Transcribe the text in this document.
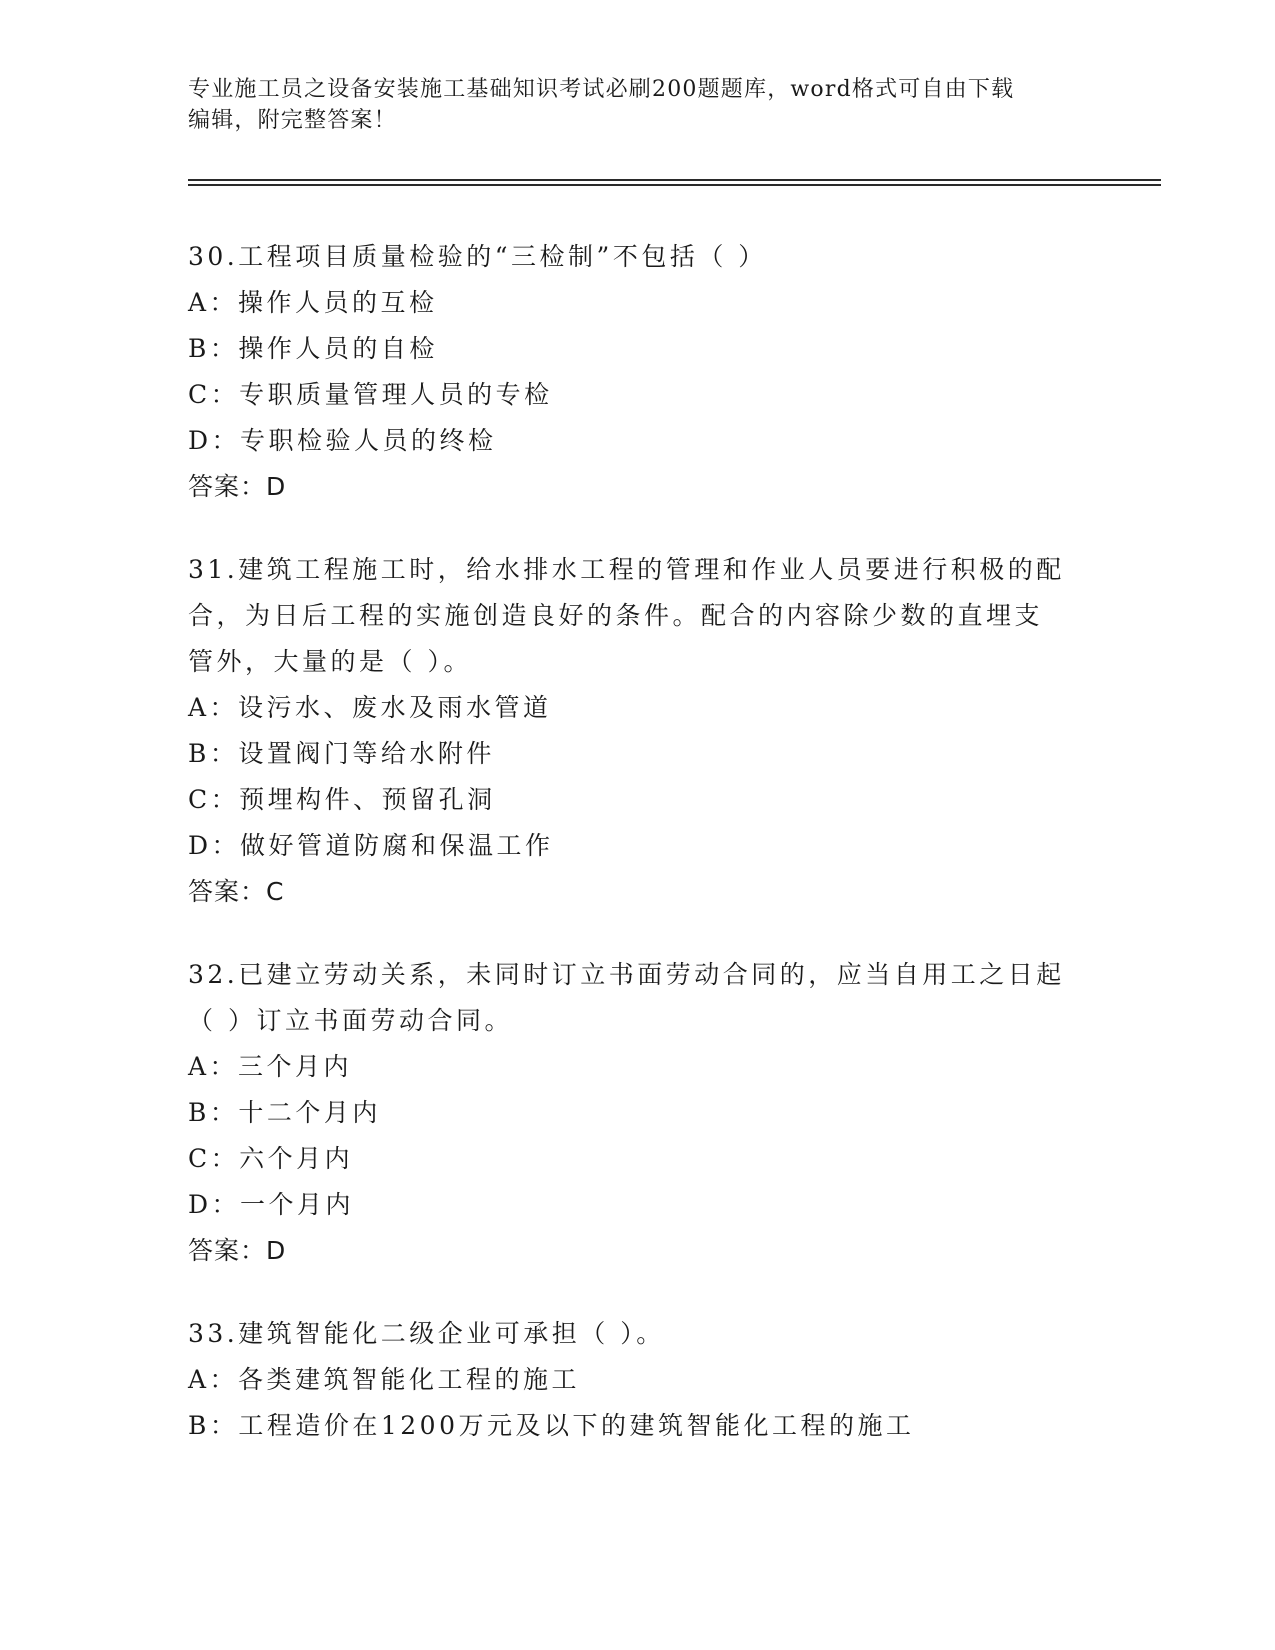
专业施工员之设备安装施工基础知识考试必刷200题题库，word格式可自由下载
编辑，附完整答案！
30.工程项目质量检验的“三检制”不包括（ ）
A：操作人员的互检
B：操作人员的自检
C：专职质量管理人员的专检
D：专职检验人员的终检
答案：D
31.建筑工程施工时，给水排水工程的管理和作业人员要进行积极的配
合，为日后工程的实施创造良好的条件。配合的内容除少数的直埋支
管外，大量的是（ ）。
A：设污水、废水及雨水管道
B：设置阀门等给水附件
C：预埋构件、预留孔洞
D：做好管道防腐和保温工作
答案：C
32.已建立劳动关系，未同时订立书面劳动合同的，应当自用工之日起
（ ）订立书面劳动合同。
A：三个月内
B：十二个月内
C：六个月内
D：一个月内
答案：D
33.建筑智能化二级企业可承担（ ）。
A：各类建筑智能化工程的施工
B：工程造价在1200万元及以下的建筑智能化工程的施工
